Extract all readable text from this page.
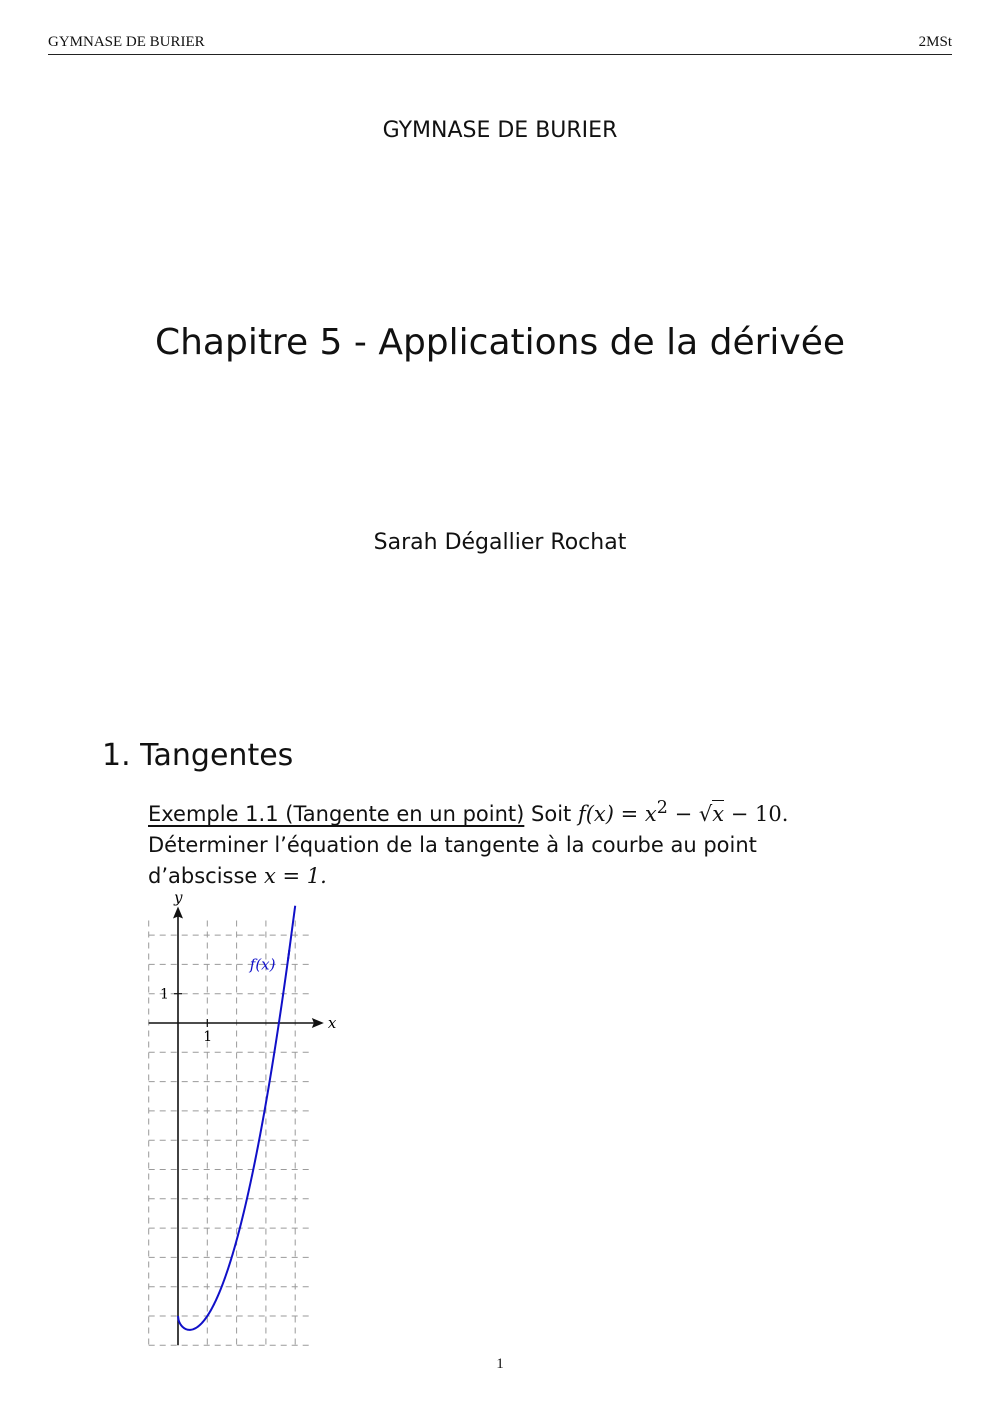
GYMNASE DE BURIER	2MSt
GYMNASE DE BURIER
Chapitre 5 - Applications de la dérivée
Sarah Dégallier Rochat
1. Tangentes
Exemple 1.1 (Tangente en un point) Soit $f(x) = x^2 - √x - 10$.
Déterminer l’équation de la tangente à la courbe au point
d’abscisse x = 1.
x
y
1
1
f(x)
1
